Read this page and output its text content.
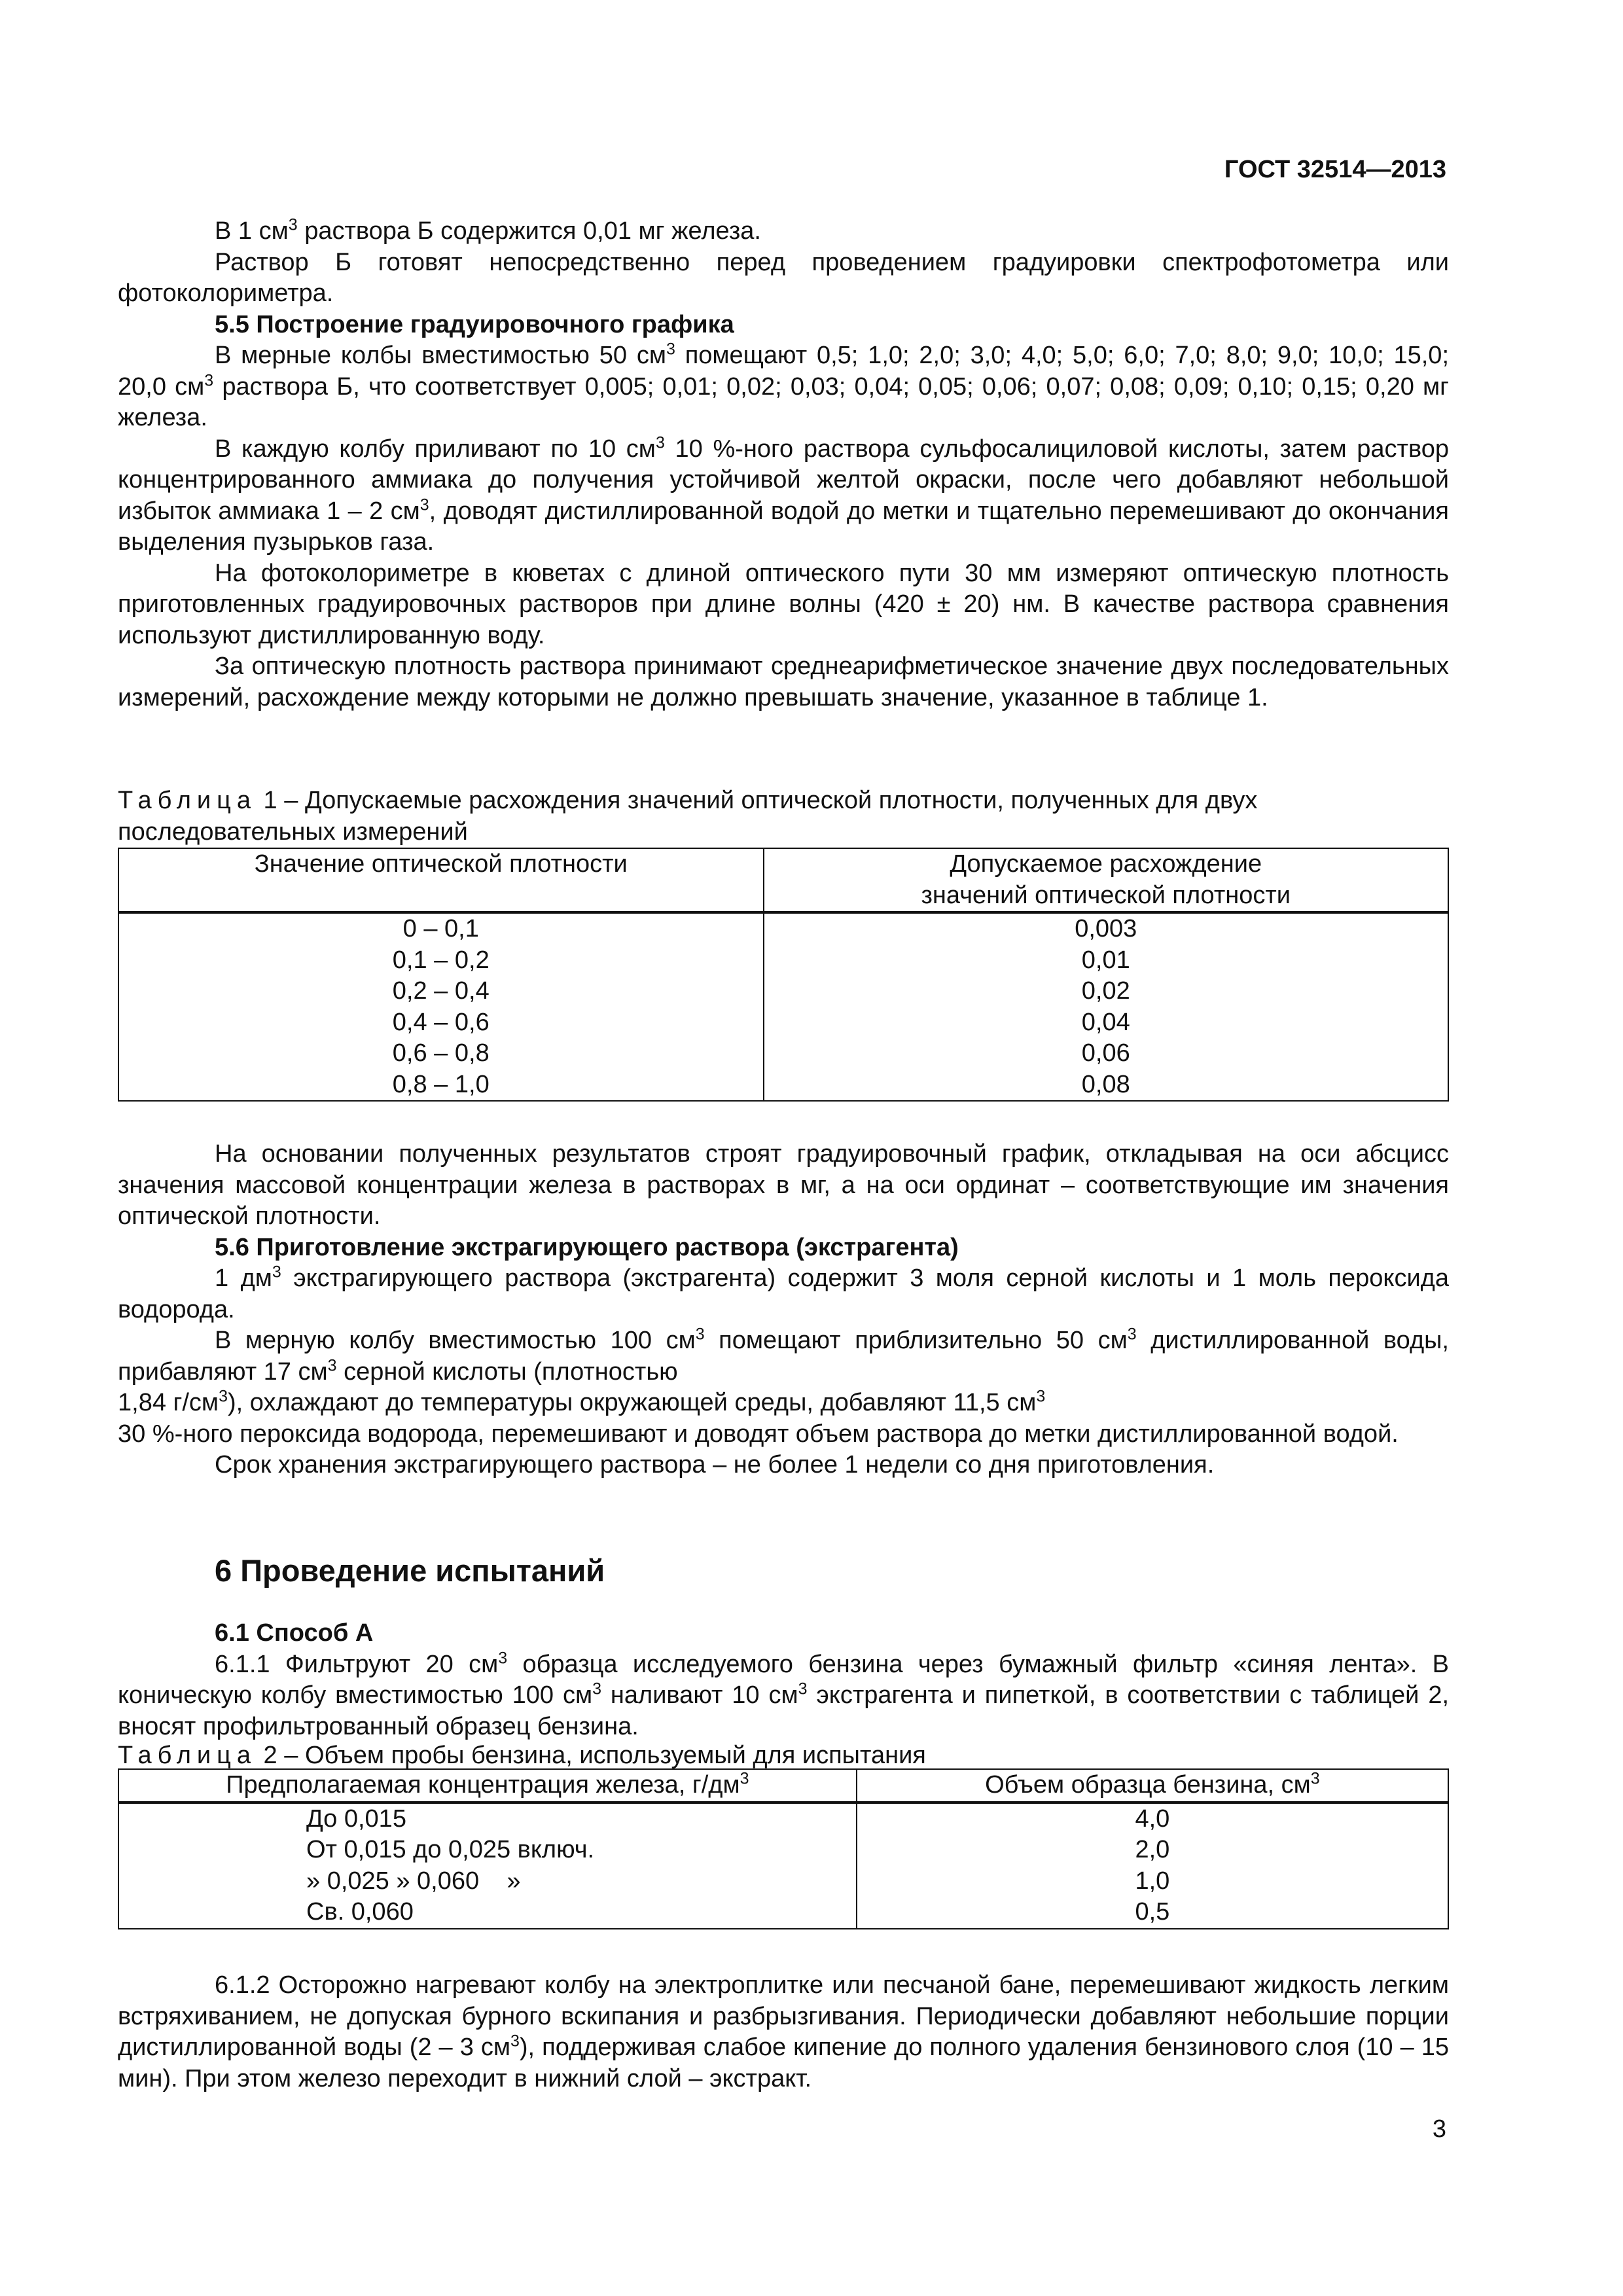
ГОСТ 32514—2013

В 1 $см^3$ раствора Б содержится 0,01 мг железа.

Раствор Б готовят непосредственно перед проведением градуировки спектрофотометра или фотоколориметра.

5.5 Построение градуировочного графика

В мерные колбы вместимостью 50 $см^3$ помещают 0,5; 1,0; 2,0; 3,0; 4,0; 5,0; 6,0; 7,0; 8,0; 9,0; 10,0; 15,0; 20,0 $см^3$ раствора Б, что соответствует 0,005; 0,01; 0,02; 0,03; 0,04; 0,05; 0,06; 0,07; 0,08; 0,09; 0,10; 0,15; 0,20 мг железа.

В каждую колбу приливают по 10 $см^3$ 10 %-ного раствора сульфосалициловой кислоты, затем раствор концентрированного аммиака до получения устойчивой желтой окраски, после чего добавляют небольшой избыток аммиака 1 – 2 $см^3$, доводят дистиллированной водой до метки и тщательно перемешивают до окончания выделения пузырьков газа.

На фотоколориметре в кюветах с длиной оптического пути 30 мм измеряют оптическую плотность приготовленных градуировочных растворов при длине волны (420 ± 20) нм. В качестве раствора сравнения используют дистиллированную воду.

За оптическую плотность раствора принимают среднеарифметическое значение двух последовательных измерений, расхождение между которыми не должно превышать значение, указанное в таблице 1.

Таблица 1 – Допускаемые расхождения значений оптической плотности, полученных для двух последовательных измерений

Значение оптической плотности	Допускаемое расхождение значений оптической плотности

0 – 0,1	0,003
0,1 – 0,2	0,01
0,2 – 0,4	0,02
0,4 – 0,6	0,04
0,6 – 0,8	0,06
0,8 – 1,0	0,08

На основании полученных результатов строят градуировочный график, откладывая на оси абсцисс значения массовой концентрации железа в растворах в мг, а на оси ординат – соответствующие им значения оптической плотности.

5.6 Приготовление экстрагирующего раствора (экстрагента)

1 $дм^3$ экстрагирующего раствора (экстрагента) содержит 3 моля серной кислоты и 1 моль пероксида водорода.

В мерную колбу вместимостью 100 $см^3$ помещают приблизительно 50 $см^3$ дистиллированной воды, прибавляют 17 $см^3$ серной кислоты (плотностью

1,84 $г/см^3$), охлаждают до температуры окружающей среды, добавляют 11,5 $см^3$

30 %-ного пероксида водорода, перемешивают и доводят объем раствора до метки дистиллированной водой.

Срок хранения экстрагирующего раствора – не более 1 недели со дня приготовления.

6 Проведение испытаний

6.1 Способ А

6.1.1 Фильтруют 20 $см^3$ образца исследуемого бензина через бумажный фильтр «синяя лента». В коническую колбу вместимостью 100 $см^3$ наливают 10 $см^3$ экстрагента и пипеткой, в соответствии с таблицей 2, вносят профильтрованный образец бензина.

Таблица 2 – Объем пробы бензина, используемый для испытания

Предполагаемая концентрация железа, $г/дм^3$	Объем образца бензина, $см^3$
До 0,015	4,0
От 0,015 до 0,025 включ.	2,0
» 0,025 » 0,060    »	1,0
Св. 0,060	0,5

6.1.2 Осторожно нагревают колбу на электроплитке или песчаной бане, перемешивают жидкость легким встряхиванием, не допуская бурного вскипания и разбрызгивания. Периодически добавляют небольшие порции дистиллированной воды (2 – 3 $см^3$), поддерживая слабое кипение до полного удаления бензинового слоя (10 – 15 мин). При этом железо переходит в нижний слой – экстракт.

3
